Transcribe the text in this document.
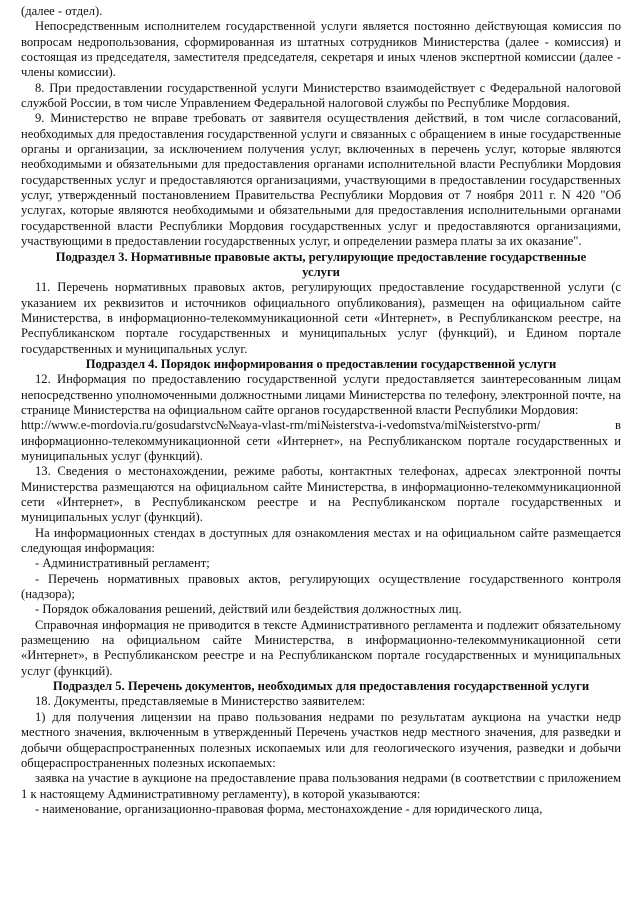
(далее - отдел).

Непосредственным исполнителем государственной услуги является постоянно действующая комиссия по вопросам недропользования, сформированная из штатных сотрудников Министерства (далее - комиссия) и состоящая из председателя, заместителя председателя, секретаря и иных членов экспертной комиссии (далее - члены комиссии).

8. При предоставлении государственной услуги Министерство взаимодействует с Федеральной налоговой службой России, в том числе Управлением Федеральной налоговой службы по Республике Мордовия.

9. Министерство не вправе требовать от заявителя осуществления действий, в том числе согласований, необходимых для предоставления государственной услуги и связанных с обращением в иные государственные органы и организации, за исключением получения услуг, включенных в перечень услуг, которые являются необходимыми и обязательными для предоставления органами исполнительной власти Республики Мордовия государственных услуг и предоставляются организациями, участвующими в предоставлении государственных услуг, утвержденный постановлением Правительства Республики Мордовия от 7 ноября 2011 г. N 420 "Об услугах, которые являются необходимыми и обязательными для предоставления исполнительными органами государственной власти Республики Мордовия государственных услуг и предоставляются организациями, участвующими в предоставлении государственных услуг, и определении размера платы за их оказание".

Подраздел 3. Нормативные правовые акты, регулирующие предоставление государственные услуги

11. Перечень нормативных правовых актов, регулирующих предоставление государственной услуги (с указанием их реквизитов и источников официального опубликования), размещен на официальном сайте Министерства, в информационно-телекоммуникационной сети «Интернет», в Республиканском реестре, на Республиканском портале государственных и муниципальных услуг (функций), и Едином портале государственных и муниципальных услуг.

Подраздел 4. Порядок информирования о предоставлении государственной услуги

12. Информация по предоставлению государственной услуги предоставляется заинтересованным лицам непосредственно уполномоченными должностными лицами Министерства по телефону, электронной почте, на странице Министерства на официальном сайте органов государственной власти Республики Мордовия:

http://www.e-mordovia.ru/gosudarstvc№№aya-vlast-rm/mi№isterstva-i-vedomstva/mi№isterstvo-prm/	в

информационно-телекоммуникационной сети «Интернет», на Республиканском портале государственных и муниципальных услуг (функций).

13. Сведения о местонахождении, режиме работы, контактных телефонах, адресах электронной почты Министерства размещаются на официальном сайте Министерства, в информационно-телекоммуникационной сети «Интернет», в Республиканском реестре и на Республиканском портале государственных и муниципальных услуг (функций).

На информационных стендах в доступных для ознакомления местах и на официальном сайте размещается следующая информация:

- Административный регламент;

- Перечень нормативных правовых актов, регулирующих осуществление государственного контроля (надзора);

- Порядок обжалования решений, действий или бездействия должностных лиц.

Справочная информация не приводится в тексте Административного регламента и подлежит обязательному размещению на официальном сайте Министерства, в информационно-телекоммуникационной сети «Интернет», в Республиканском реестре и на Республиканском портале государственных и муниципальных услуг (функций).

Подраздел 5. Перечень документов, необходимых для предоставления государственной услуги

18. Документы, представляемые в Министерство заявителем:

1) для получения лицензии на право пользования недрами по результатам аукциона на участки недр местного значения, включенным в утвержденный Перечень участков недр местного значения, для разведки и добычи общераспространенных полезных ископаемых или для геологического изучения, разведки и добычи общераспространенных полезных ископаемых:

заявка на участие в аукционе на предоставление права пользования недрами (в соответствии с приложением 1 к настоящему Административному регламенту), в которой указываются:

- наименование, организационно-правовая форма, местонахождение - для юридического лица,
